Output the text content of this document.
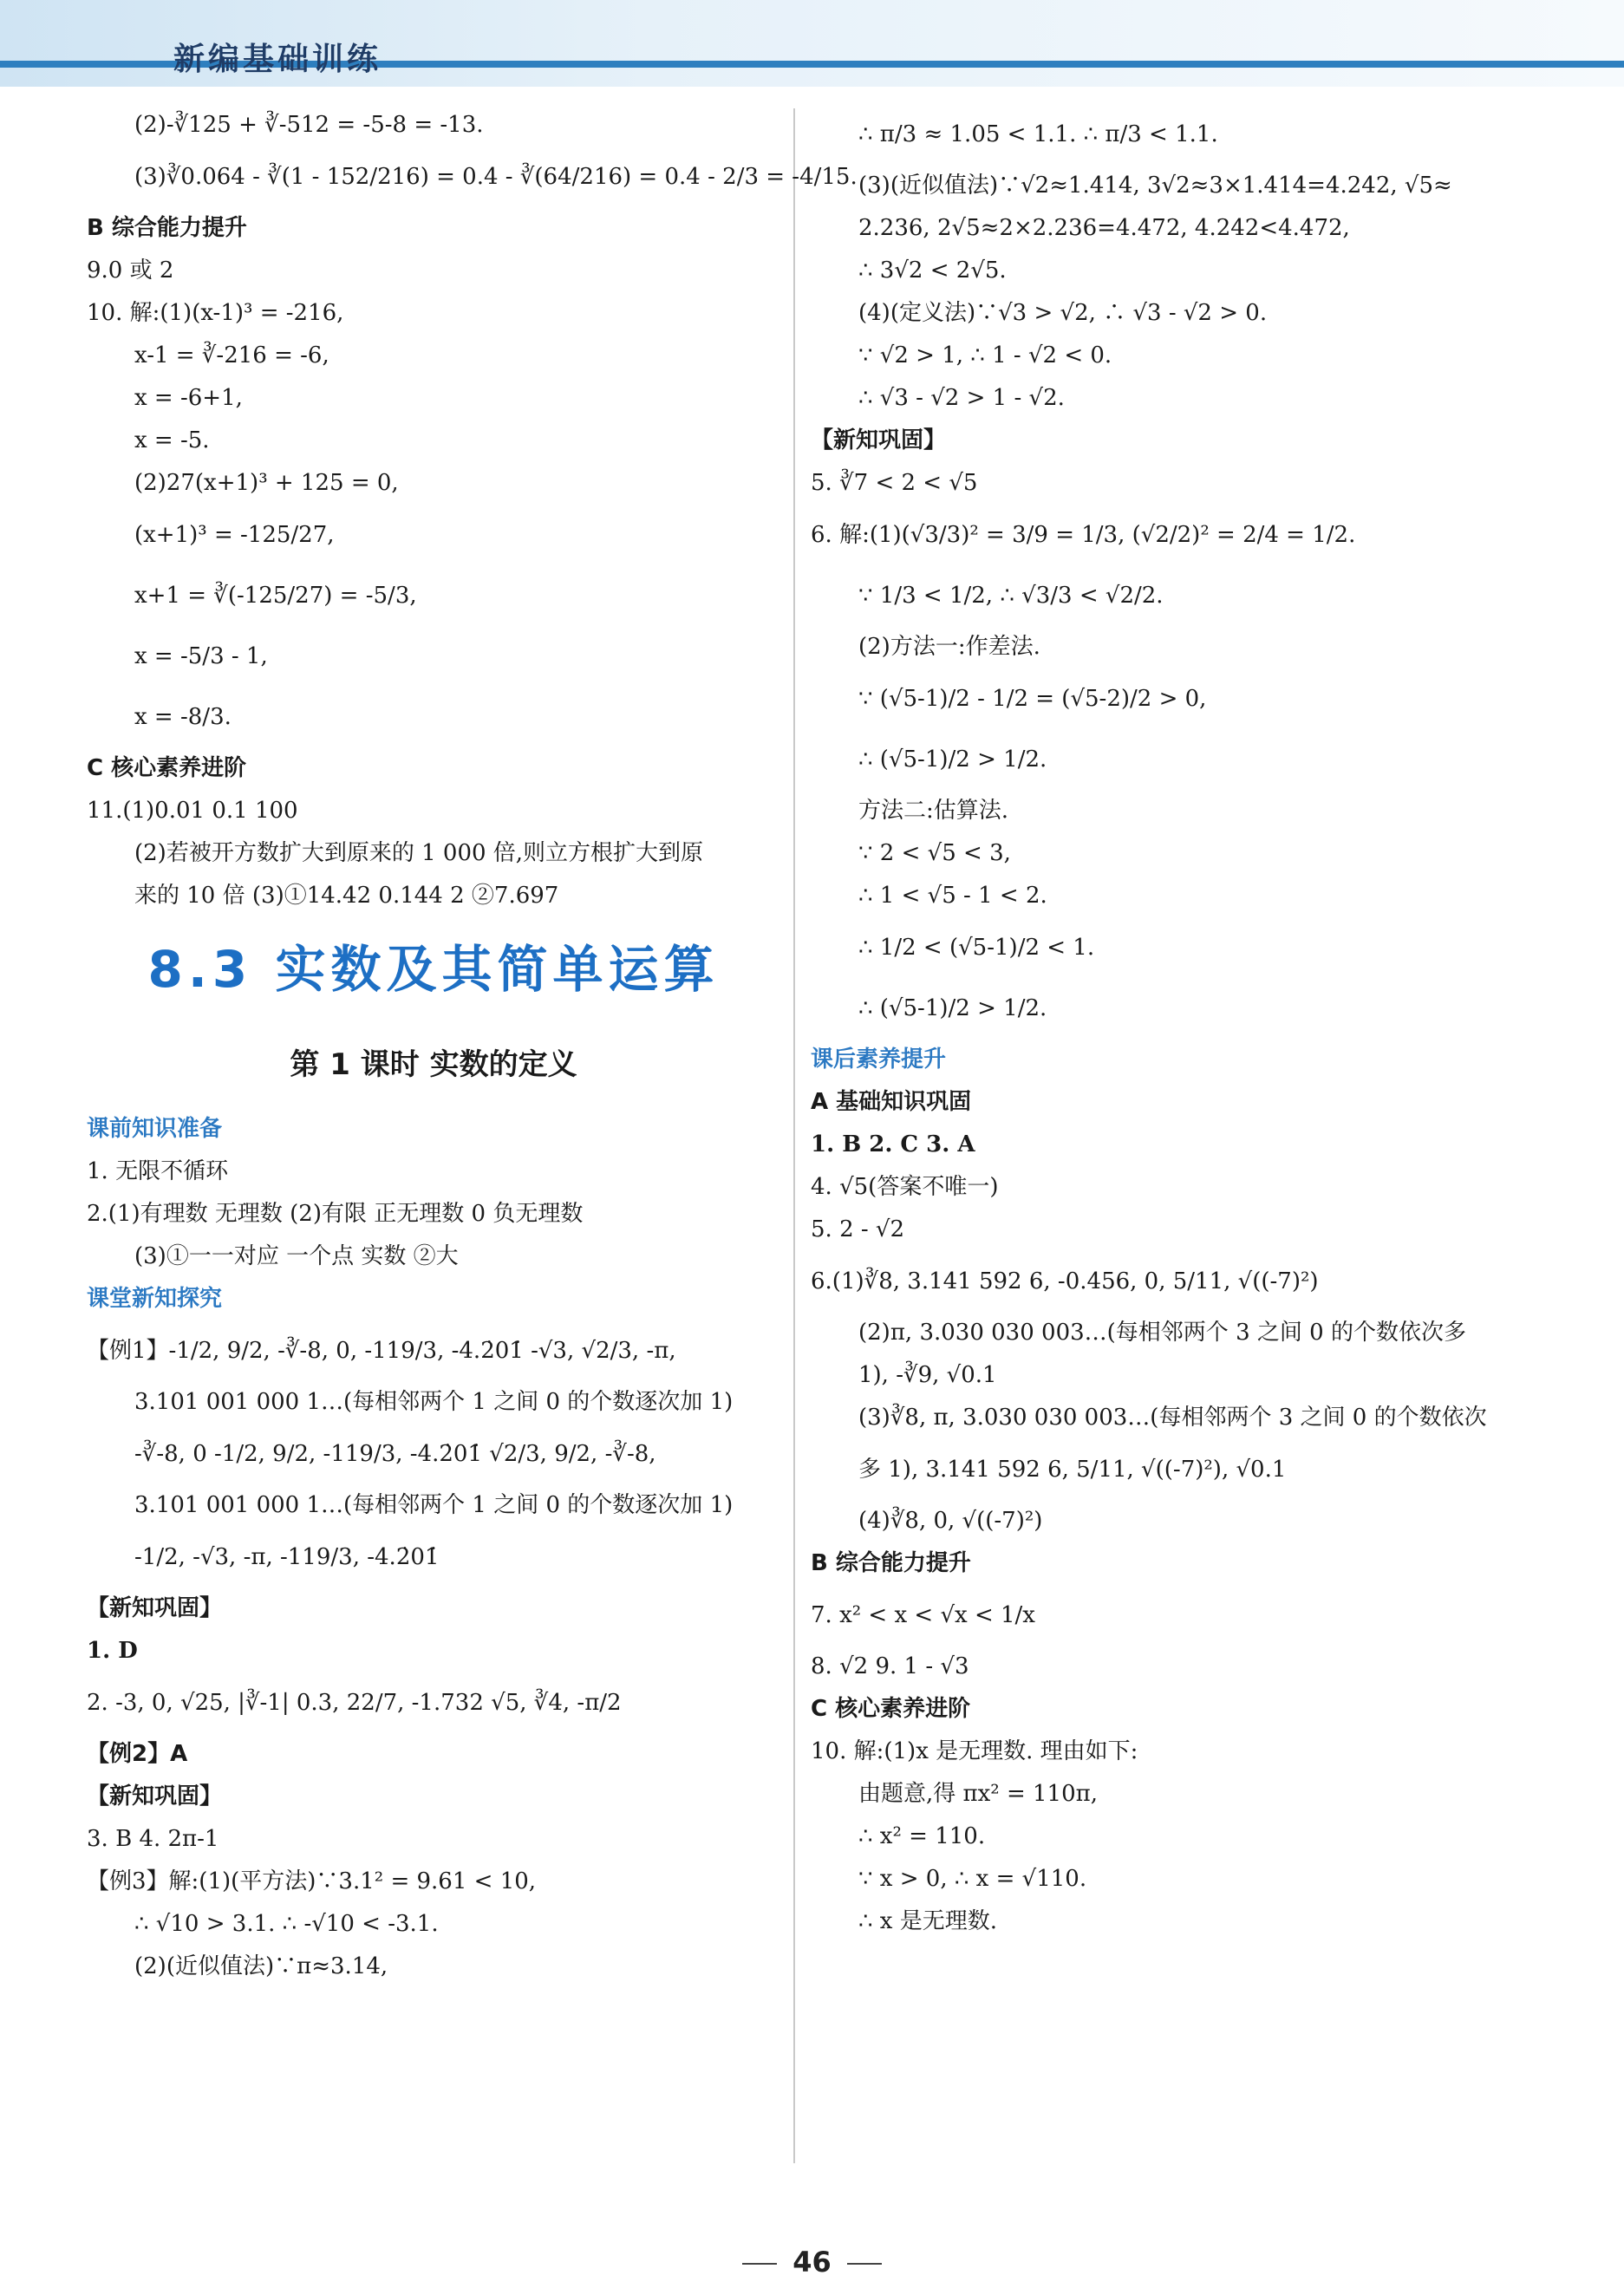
新编基础训练
(2)-∛125 + ∛-512 = -5-8 = -13.
(3)∛0.064 - ∛(1 - 152/216) = 0.4 - ∛(64/216) = 0.4 - 2/3 = -4/15.
B 综合能力提升
9.0 或 2
10. 解:(1)(x-1)³ = -216,
x-1 = ∛-216 = -6,
x = -6+1,
x = -5.
(2)27(x+1)³ + 125 = 0,
(x+1)³ = -125/27,
x+1 = ∛(-125/27) = -5/3,
x = -5/3 - 1,
x = -8/3.
C 核心素养进阶
11.(1)0.01 0.1 100
(2)若被开方数扩大到原来的 1 000 倍,则立方根扩大到原
来的 10 倍 (3)①14.42 0.144 2 ②7.697
8.3 实数及其简单运算
第 1 课时 实数的定义
课前知识准备
1. 无限不循环
2.(1)有理数 无理数 (2)有限 正无理数 0 负无理数
(3)①一一对应 一个点 实数 ②大
课堂新知探究
【例1】-1/2, 9/2, -∛-8, 0, -119/3, -4.2̇01̇ -√3, √2/3, -π,
3.101 001 000 1…(每相邻两个 1 之间 0 的个数逐次加 1)
-∛-8, 0 -1/2, 9/2, -119/3, -4.2̇01̇ √2/3, 9/2, -∛-8,
3.101 001 000 1…(每相邻两个 1 之间 0 的个数逐次加 1)
-1/2, -√3, -π, -119/3, -4.2̇01̇
【新知巩固】
1. D
2. -3, 0, √25, |∛-1| 0.3, 22/7, -1.732 √5, ∛4, -π/2
【例2】A
【新知巩固】
3. B 4. 2π-1
【例3】解:(1)(平方法)∵3.1² = 9.61 < 10,
∴ √10 > 3.1. ∴ -√10 < -3.1.
(2)(近似值法)∵π≈3.14,
∴ π/3 ≈ 1.05 < 1.1. ∴ π/3 < 1.1.
(3)(近似值法)∵√2≈1.414, 3√2≈3×1.414=4.242, √5≈
2.236, 2√5≈2×2.236=4.472, 4.242<4.472,
∴ 3√2 < 2√5.
(4)(定义法)∵√3 > √2, ∴ √3 - √2 > 0.
∵ √2 > 1, ∴ 1 - √2 < 0.
∴ √3 - √2 > 1 - √2.
【新知巩固】
5. ∛7 < 2 < √5
6. 解:(1)(√3/3)² = 3/9 = 1/3, (√2/2)² = 2/4 = 1/2.
∵ 1/3 < 1/2, ∴ √3/3 < √2/2.
(2)方法一:作差法.
∵ (√5-1)/2 - 1/2 = (√5-2)/2 > 0,
∴ (√5-1)/2 > 1/2.
方法二:估算法.
∵ 2 < √5 < 3,
∴ 1 < √5 - 1 < 2.
∴ 1/2 < (√5-1)/2 < 1.
∴ (√5-1)/2 > 1/2.
课后素养提升
A 基础知识巩固
1. B 2. C 3. A
4. √5(答案不唯一)
5. 2 - √2
6.(1)∛8, 3.141 592 6, -0.456, 0, 5/11, √((-7)²)
(2)π, 3.030 030 003…(每相邻两个 3 之间 0 的个数依次多
1), -∛9, √0.1
(3)∛8, π, 3.030 030 003…(每相邻两个 3 之间 0 的个数依次
多 1), 3.141 592 6, 5/11, √((-7)²), √0.1
(4)∛8, 0, √((-7)²)
B 综合能力提升
7. x² < x < √x < 1/x
8. √2 9. 1 - √3
C 核心素养进阶
10. 解:(1)x 是无理数. 理由如下:
由题意,得 πx² = 110π,
∴ x² = 110.
∵ x > 0, ∴ x = √110.
∴ x 是无理数.
46
